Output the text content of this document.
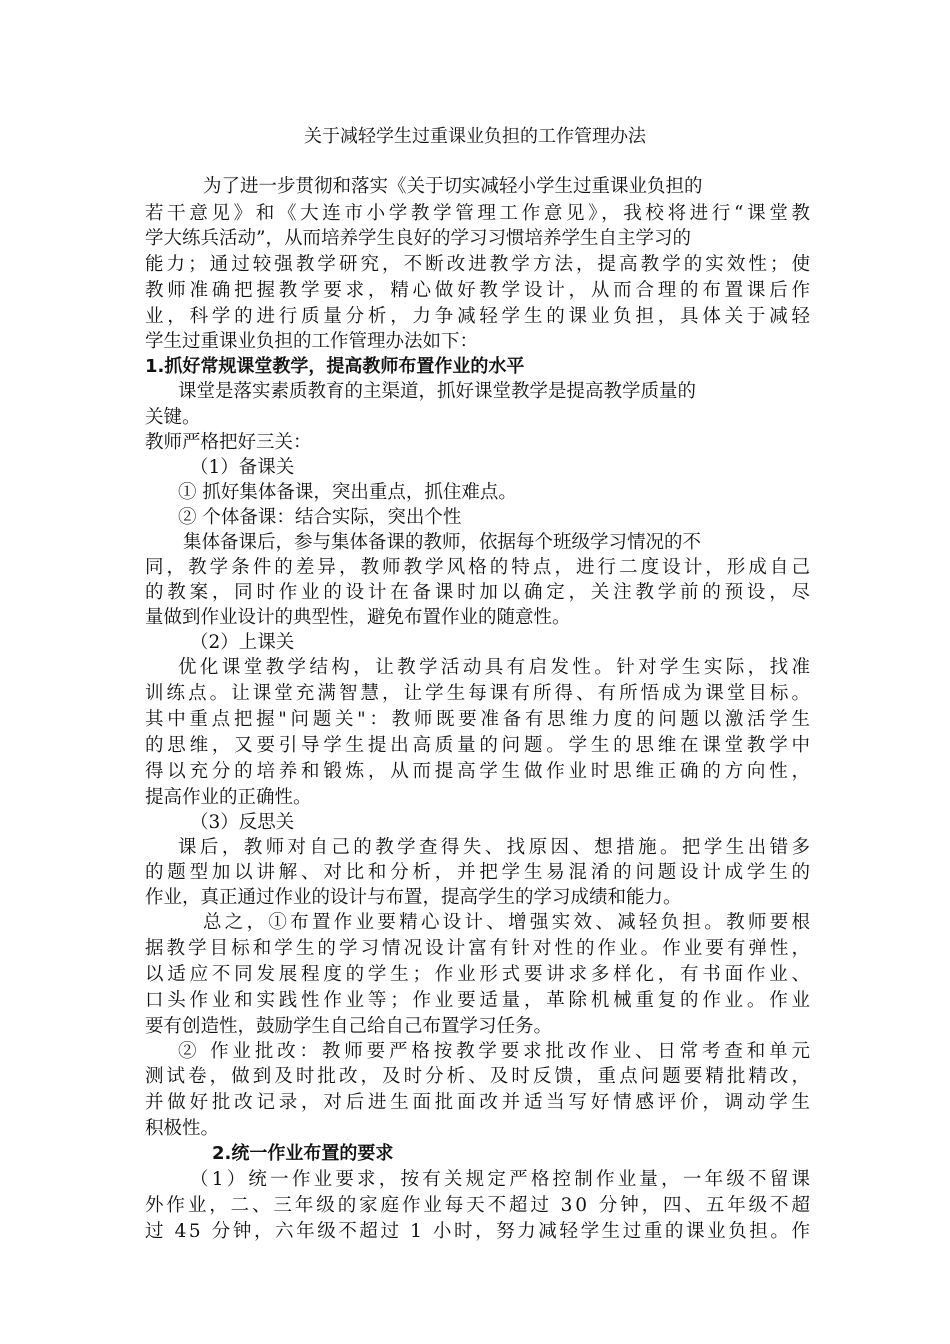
关于减轻学生过重课业负担的工作管理办法
为了进一步贯彻和落实《关于切实减轻小学生过重课业负担的
若干意见》和《大连市小学教学管理工作意见》，我校将进行“课堂教
学大练兵活动”，从而培养学生良好的学习习惯培养学生自主学习的
能力；通过较强教学研究，不断改进教学方法，提高教学的实效性；使
教师准确把握教学要求，精心做好教学设计，从而合理的布置课后作
业，科学的进行质量分析，力争减轻学生的课业负担，具体关于减轻
学生过重课业负担的工作管理办法如下：
1.抓好常规课堂教学，提高教师布置作业的水平
课堂是落实素质教育的主渠道，抓好课堂教学是提高教学质量的
关键。
教师严格把好三关：
（1）备课关
① 抓好集体备课，突出重点，抓住难点。
② 个体备课：结合实际，突出个性
集体备课后，参与集体备课的教师，依据每个班级学习情况的不
同，教学条件的差异，教师教学风格的特点，进行二度设计，形成自己
的教案，同时作业的设计在备课时加以确定，关注教学前的预设，尽
量做到作业设计的典型性，避免布置作业的随意性。
（2）上课关
优化课堂教学结构，让教学活动具有启发性。针对学生实际，找准
训练点。让课堂充满智慧，让学生每课有所得、有所悟成为课堂目标。
其中重点把握"问题关"：教师既要准备有思维力度的问题以激活学生
的思维，又要引导学生提出高质量的问题。学生的思维在课堂教学中
得以充分的培养和锻炼，从而提高学生做作业时思维正确的方向性，
提高作业的正确性。
（3）反思关
课后，教师对自己的教学查得失、找原因、想措施。把学生出错多
的题型加以讲解、对比和分析，并把学生易混淆的问题设计成学生的
作业，真正通过作业的设计与布置，提高学生的学习成绩和能力。
总之，①布置作业要精心设计、增强实效、减轻负担。教师要根
据教学目标和学生的学习情况设计富有针对性的作业。作业要有弹性，
以适应不同发展程度的学生；作业形式要讲求多样化，有书面作业、
口头作业和实践性作业等；作业要适量，革除机械重复的作业。作业
要有创造性，鼓励学生自己给自己布置学习任务。
② 作业批改：教师要严格按教学要求批改作业、日常考查和单元
测试卷，做到及时批改，及时分析、及时反馈，重点问题要精批精改，
并做好批改记录，对后进生面批面改并适当写好情感评价，调动学生
积极性。
2.统一作业布置的要求
（1）统一作业要求，按有关规定严格控制作业量，一年级不留课
外作业，二、三年级的家庭作业每天不超过 30 分钟，四、五年级不超
过 45 分钟，六年级不超过 1 小时，努力减轻学生过重的课业负担。作
